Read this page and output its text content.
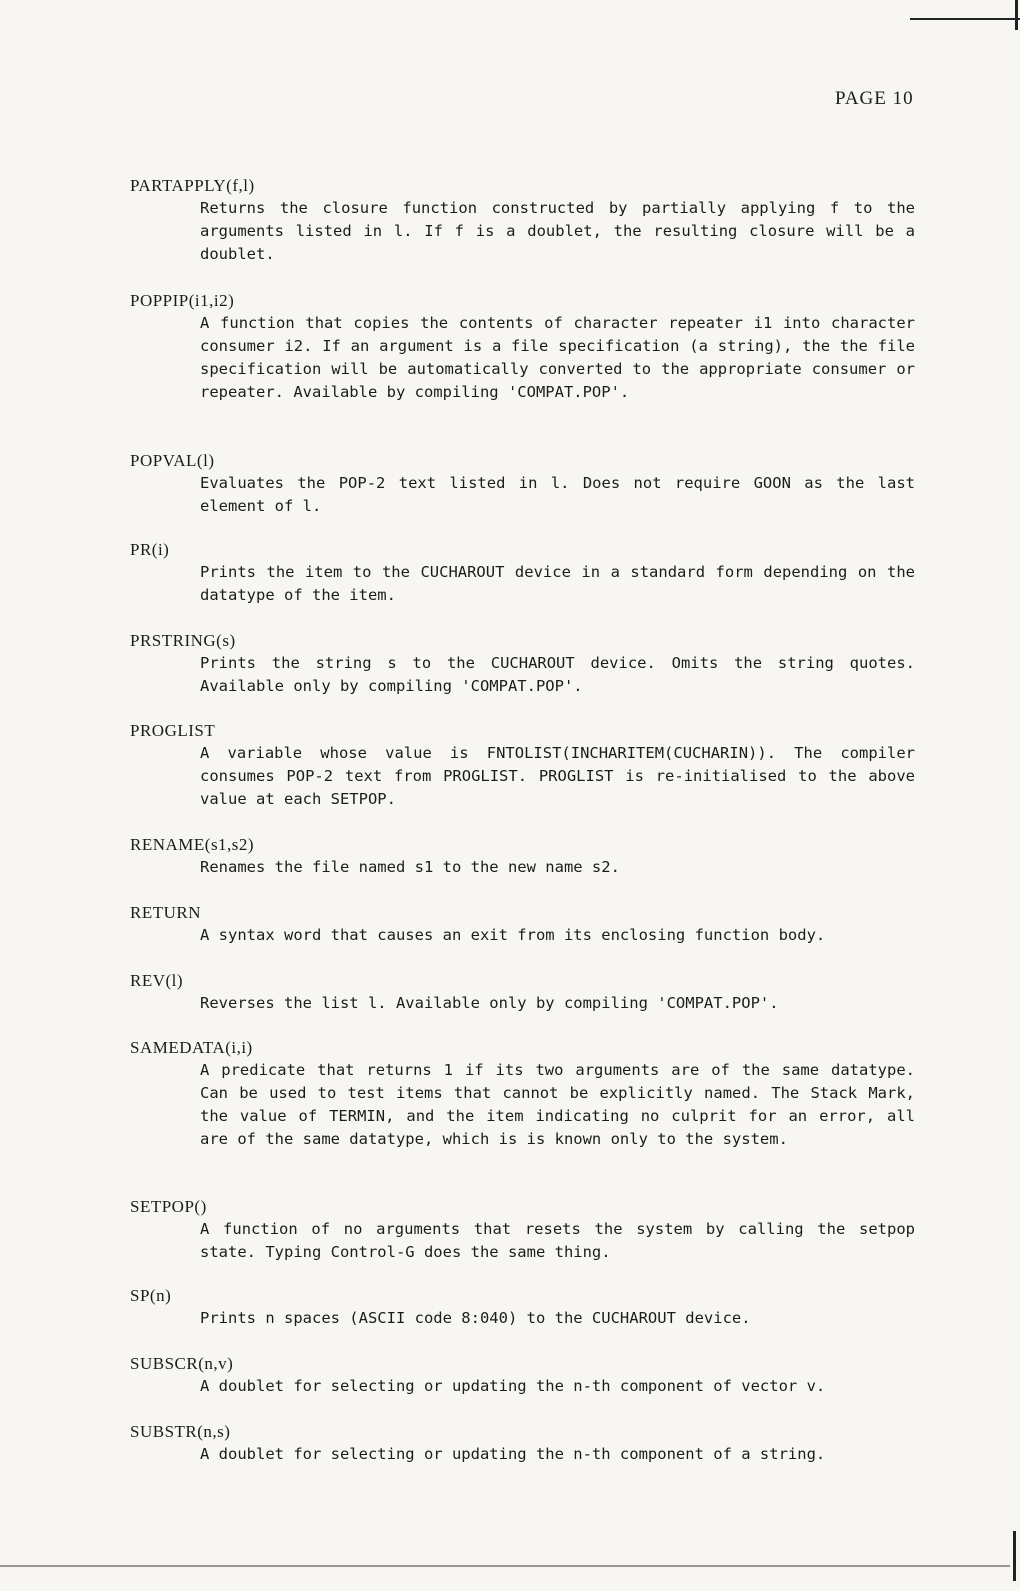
PAGE 10
PARTAPPLY(f,l)
Returns the closure function constructed by partially applying f to the arguments listed in l. If f is a doublet, the resulting closure will be a doublet.
POPPIP(i1,i2)
A function that copies the contents of character repeater i1 into character consumer i2. If an argument is a file specification (a string), the the file specification will be automatically converted to the appropriate consumer or repeater. Available by compiling 'COMPAT.POP'.
POPVAL(l)
Evaluates the POP-2 text listed in l. Does not require GOON as the last element of l.
PR(i)
Prints the item to the CUCHAROUT device in a standard form depending on the datatype of the item.
PRSTRING(s)
Prints the string s to the CUCHAROUT device. Omits the string quotes. Available only by compiling 'COMPAT.POP'.
PROGLIST
A variable whose value is FNTOLIST(INCHARITEM(CUCHARIN)). The compiler consumes POP-2 text from PROGLIST. PROGLIST is re-initialised to the above value at each SETPOP.
RENAME(s1,s2)
Renames the file named s1 to the new name s2.
RETURN
A syntax word that causes an exit from its enclosing function body.
REV(l)
Reverses the list l. Available only by compiling 'COMPAT.POP'.
SAMEDATA(i,i)
A predicate that returns 1 if its two arguments are of the same datatype. Can be used to test items that cannot be explicitly named. The Stack Mark, the value of TERMIN, and the item indicating no culprit for an error, all are of the same datatype, which is is known only to the system.
SETPOP()
A function of no arguments that resets the system by calling the setpop state. Typing Control-G does the same thing.
SP(n)
Prints n spaces (ASCII code 8:040) to the CUCHAROUT device.
SUBSCR(n,v)
A doublet for selecting or updating the n-th component of vector v.
SUBSTR(n,s)
A doublet for selecting or updating the n-th component of a string.
